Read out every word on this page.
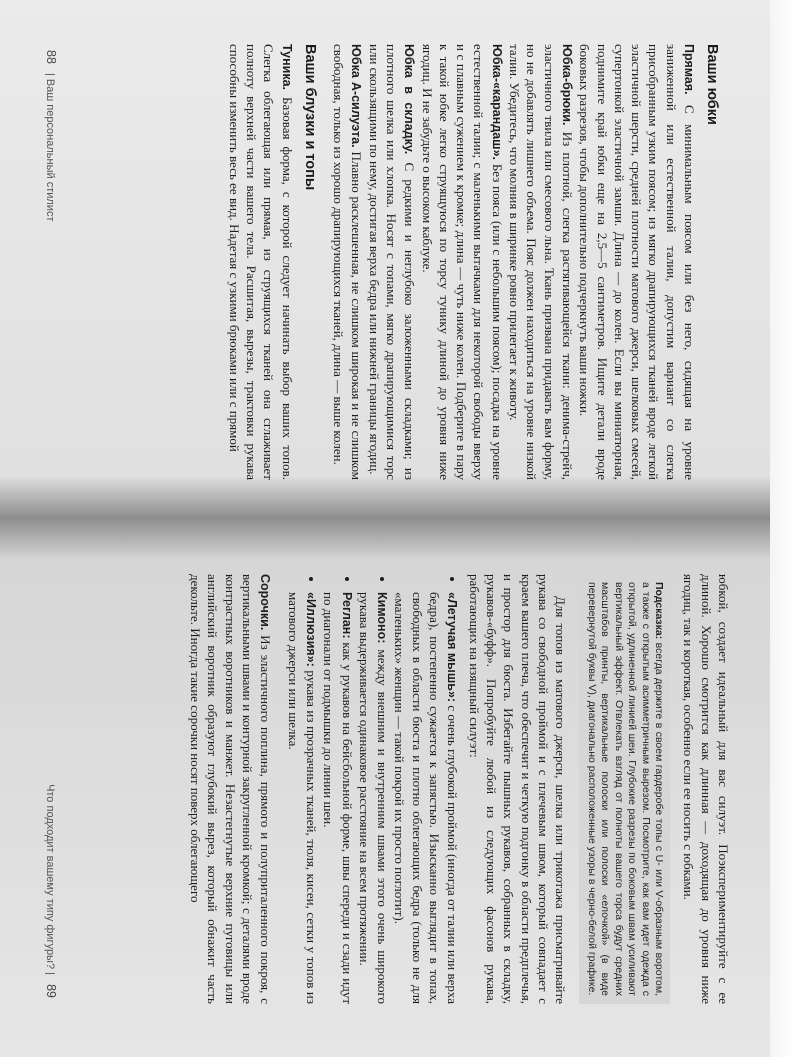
Ваши юбки

Прямая. С минимальным поясом или без него, сидящая на уровне заниженной или естественной талии, допустим вариант со слегка присобранным узким поясом; из мягко драпирующихся тканей вроде легкой эластичной шерсти, средней плотности матового джерси, шелковых смесей, супертонкой эластичной замши. Длина — до колен. Если вы миниатюрная, поднимите край юбки еще на 2,5—5 сантиметров. Ищите детали вроде боковых разрезов, чтобы дополнительно подчеркнуть ваши ножки.

Юбка-брюки. Из плотной, слегка растягивающейся ткани: денима-стрейч, эластичного твила или смесового льна. Ткань призвана придавать вам форму, но не добавлять лишнего объема. Пояс должен находиться на уровне низкой талии. Убедитесь, что молния в ширинке ровно прилегает к животу.

Юбка-«карандаш». Без пояса (или с небольшим поясом); посадка на уровне естественной талии; с маленькими вытачками для некоторой свободы вверху и с плавным сужением к кромке; длина — чуть ниже колен. Подберите в пару к такой юбке легко струящуюся по торсу тунику длиной до уровня ниже ягодиц. И не забудьте о высоком каблуке.

Юбка в складку. С редкими и неглубоко заложенными складками; из плотного шелка или хлопка. Носят с топами, мягко драпирующимися торс или скользящими по нему, достигая верха бедра или нижней границы ягодиц.

Юбка А-силуэта. Плавно расклешенная, не слишком широкая и не слишком свободная, только из хорошо драпирующихся тканей, длина — выше колен.

Ваши блузки и топы

Туника. Базовая форма, с которой следует начинать выбор ваших топов. Слегка облегающая или прямая, из струящихся тканей она сглаживает полноту верхней части вашего тела. Расшитая, вырезы, трактовки рукава способны изменить весь ее вид. Надетая с узкими брюками или с прямой

88Ваш персональный стилист

юбкой, создает идеальный для вас силуэт. Поэкспериментируйте с ее длиной. Хорошо смотрится как длинная — доходящая до уровня ниже ягодиц, так и короткая, особенно если ее носить с юбками.

Подсказка: всегда держите в своем гардеробе топы с U- или V-образным воротом, а также с открытым асимметричным вырезом. Посмотрите, как вам идет одежда с открытой, удлиненной линией шеи. Глубокие разрезы по боковым швам усиливают вертикальный эффект. Отвлекать взгляд от полноты вашего торса будут средних масштабов принты, вертикальные полоски или полоски «елочкой» (в виде перевернутой буквы V), диагонально расположенные узоры в черно-белой графике.

Для топов из матового джерси, шелка или трикотажа присматривайте рукава со свободной проймой и с плечевым швом, который совпадает с краем вашего плеча, что обеспечит и четкую подгонку в области предплечья, и простор для бюста. Избегайте пышных рукавов, собранных в складку, рукавов-«буфф». Попробуйте любой из следующих фасонов рукава, работающих на изящный силуэт:

• «Летучая мышь»: с очень глубокой проймой (иногда от талии или верха бедра), постепенно сужается к запястью. Изысканно выглядит в топах, свободных в области бюста и плотно облегающих бедра (только не для «маленьких» женщин — такой покрой их просто поглотит).
• Кимоно: между внешним и внутренним швами этого очень широкого рукава выдерживается одинаковое расстояние на всем протяжении.
• Реглан: как у рукавов на бейсбольной форме, швы спереди и сзади идут по диагонали от подмышки до линии шеи.
• «Иллюзия»: рукава из прозрачных тканей, тюля, кисеи, сетки у топов из матового джерси или шелка.

Сорочки. Из эластичного поплина, прямого и полуприталенного покроя, с вертикальными швами и контурной закругленной кромкой; с деталями вроде контрастных воротников и манжет. Незастегнутые верхние пуговицы или английский воротник образуют глубокий вырез, который обнажит часть декольте. Иногда такие сорочки носят поверх облегающего

Что подходит вашему типу фигуры?89
